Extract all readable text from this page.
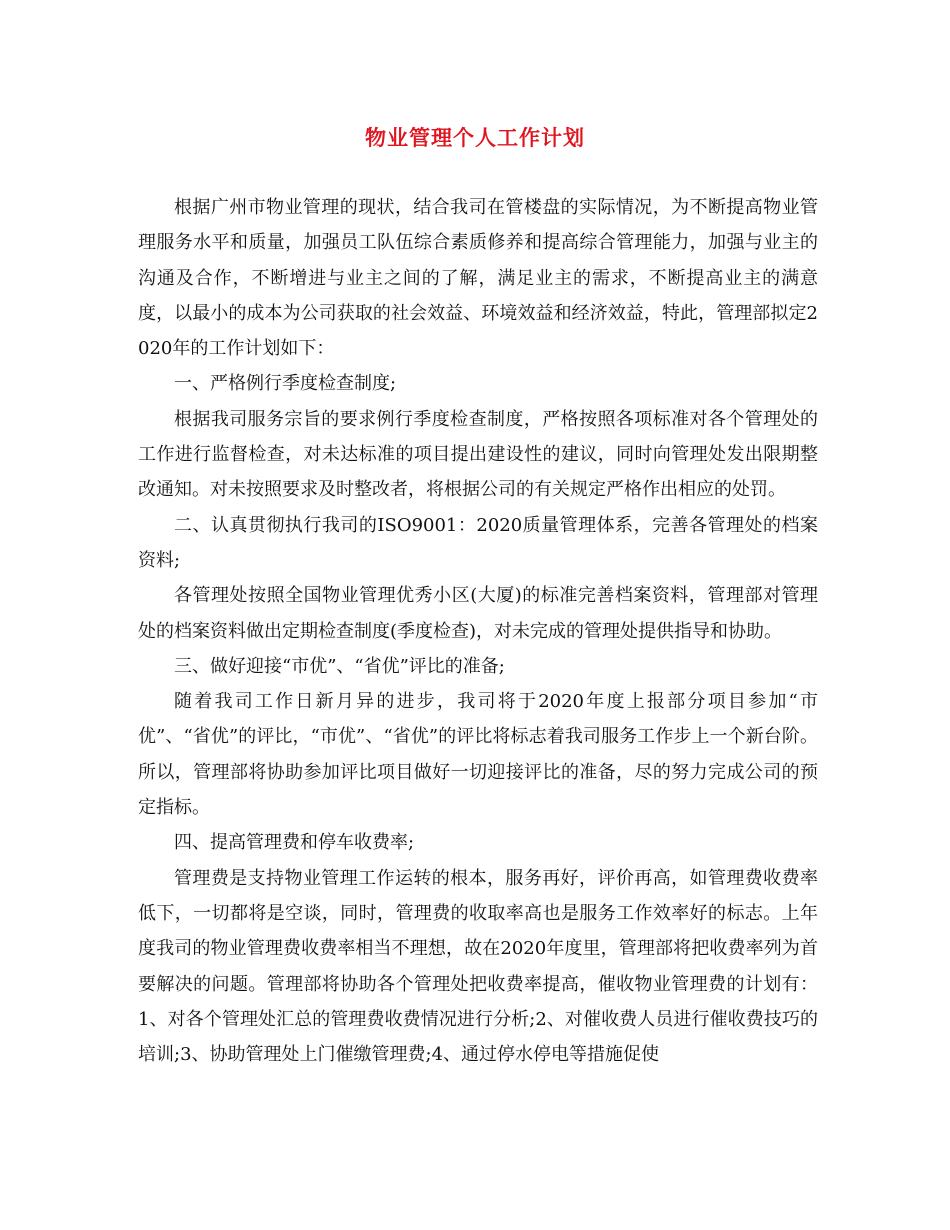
物业管理个人工作计划

根据广州市物业管理的现状，结合我司在管楼盘的实际情况，为不断提高物业管理服务水平和质量，加强员工队伍综合素质修养和提高综合管理能力，加强与业主的沟通及合作，不断增进与业主之间的了解，满足业主的需求，不断提高业主的满意度，以最小的成本为公司获取的社会效益、环境效益和经济效益，特此，管理部拟定2020年的工作计划如下：

一、严格例行季度检查制度;

根据我司服务宗旨的要求例行季度检查制度，严格按照各项标准对各个管理处的工作进行监督检查，对未达标准的项目提出建设性的建议，同时向管理处发出限期整改通知。对未按照要求及时整改者，将根据公司的有关规定严格作出相应的处罚。

二、认真贯彻执行我司的ISO9001：2020质量管理体系，完善各管理处的档案资料;

各管理处按照全国物业管理优秀小区(大厦)的标准完善档案资料，管理部对管理处的档案资料做出定期检查制度(季度检查)，对未完成的管理处提供指导和协助。

三、做好迎接“市优”、“省优”评比的准备;

随着我司工作日新月异的进步，我司将于2020年度上报部分项目参加“市优”、“省优”的评比，“市优”、“省优”的评比将标志着我司服务工作步上一个新台阶。所以，管理部将协助参加评比项目做好一切迎接评比的准备，尽的努力完成公司的预定指标。

四、提高管理费和停车收费率;

管理费是支持物业管理工作运转的根本，服务再好，评价再高，如管理费收费率低下，一切都将是空谈，同时，管理费的收取率高也是服务工作效率好的标志。上年度我司的物业管理费收费率相当不理想，故在2020年度里，管理部将把收费率列为首要解决的问题。管理部将协助各个管理处把收费率提高，催收物业管理费的计划有：1、对各个管理处汇总的管理费收费情况进行分析;2、对催收费人员进行催收费技巧的培训;3、协助管理处上门催缴管理费;4、通过停水停电等措施促使
